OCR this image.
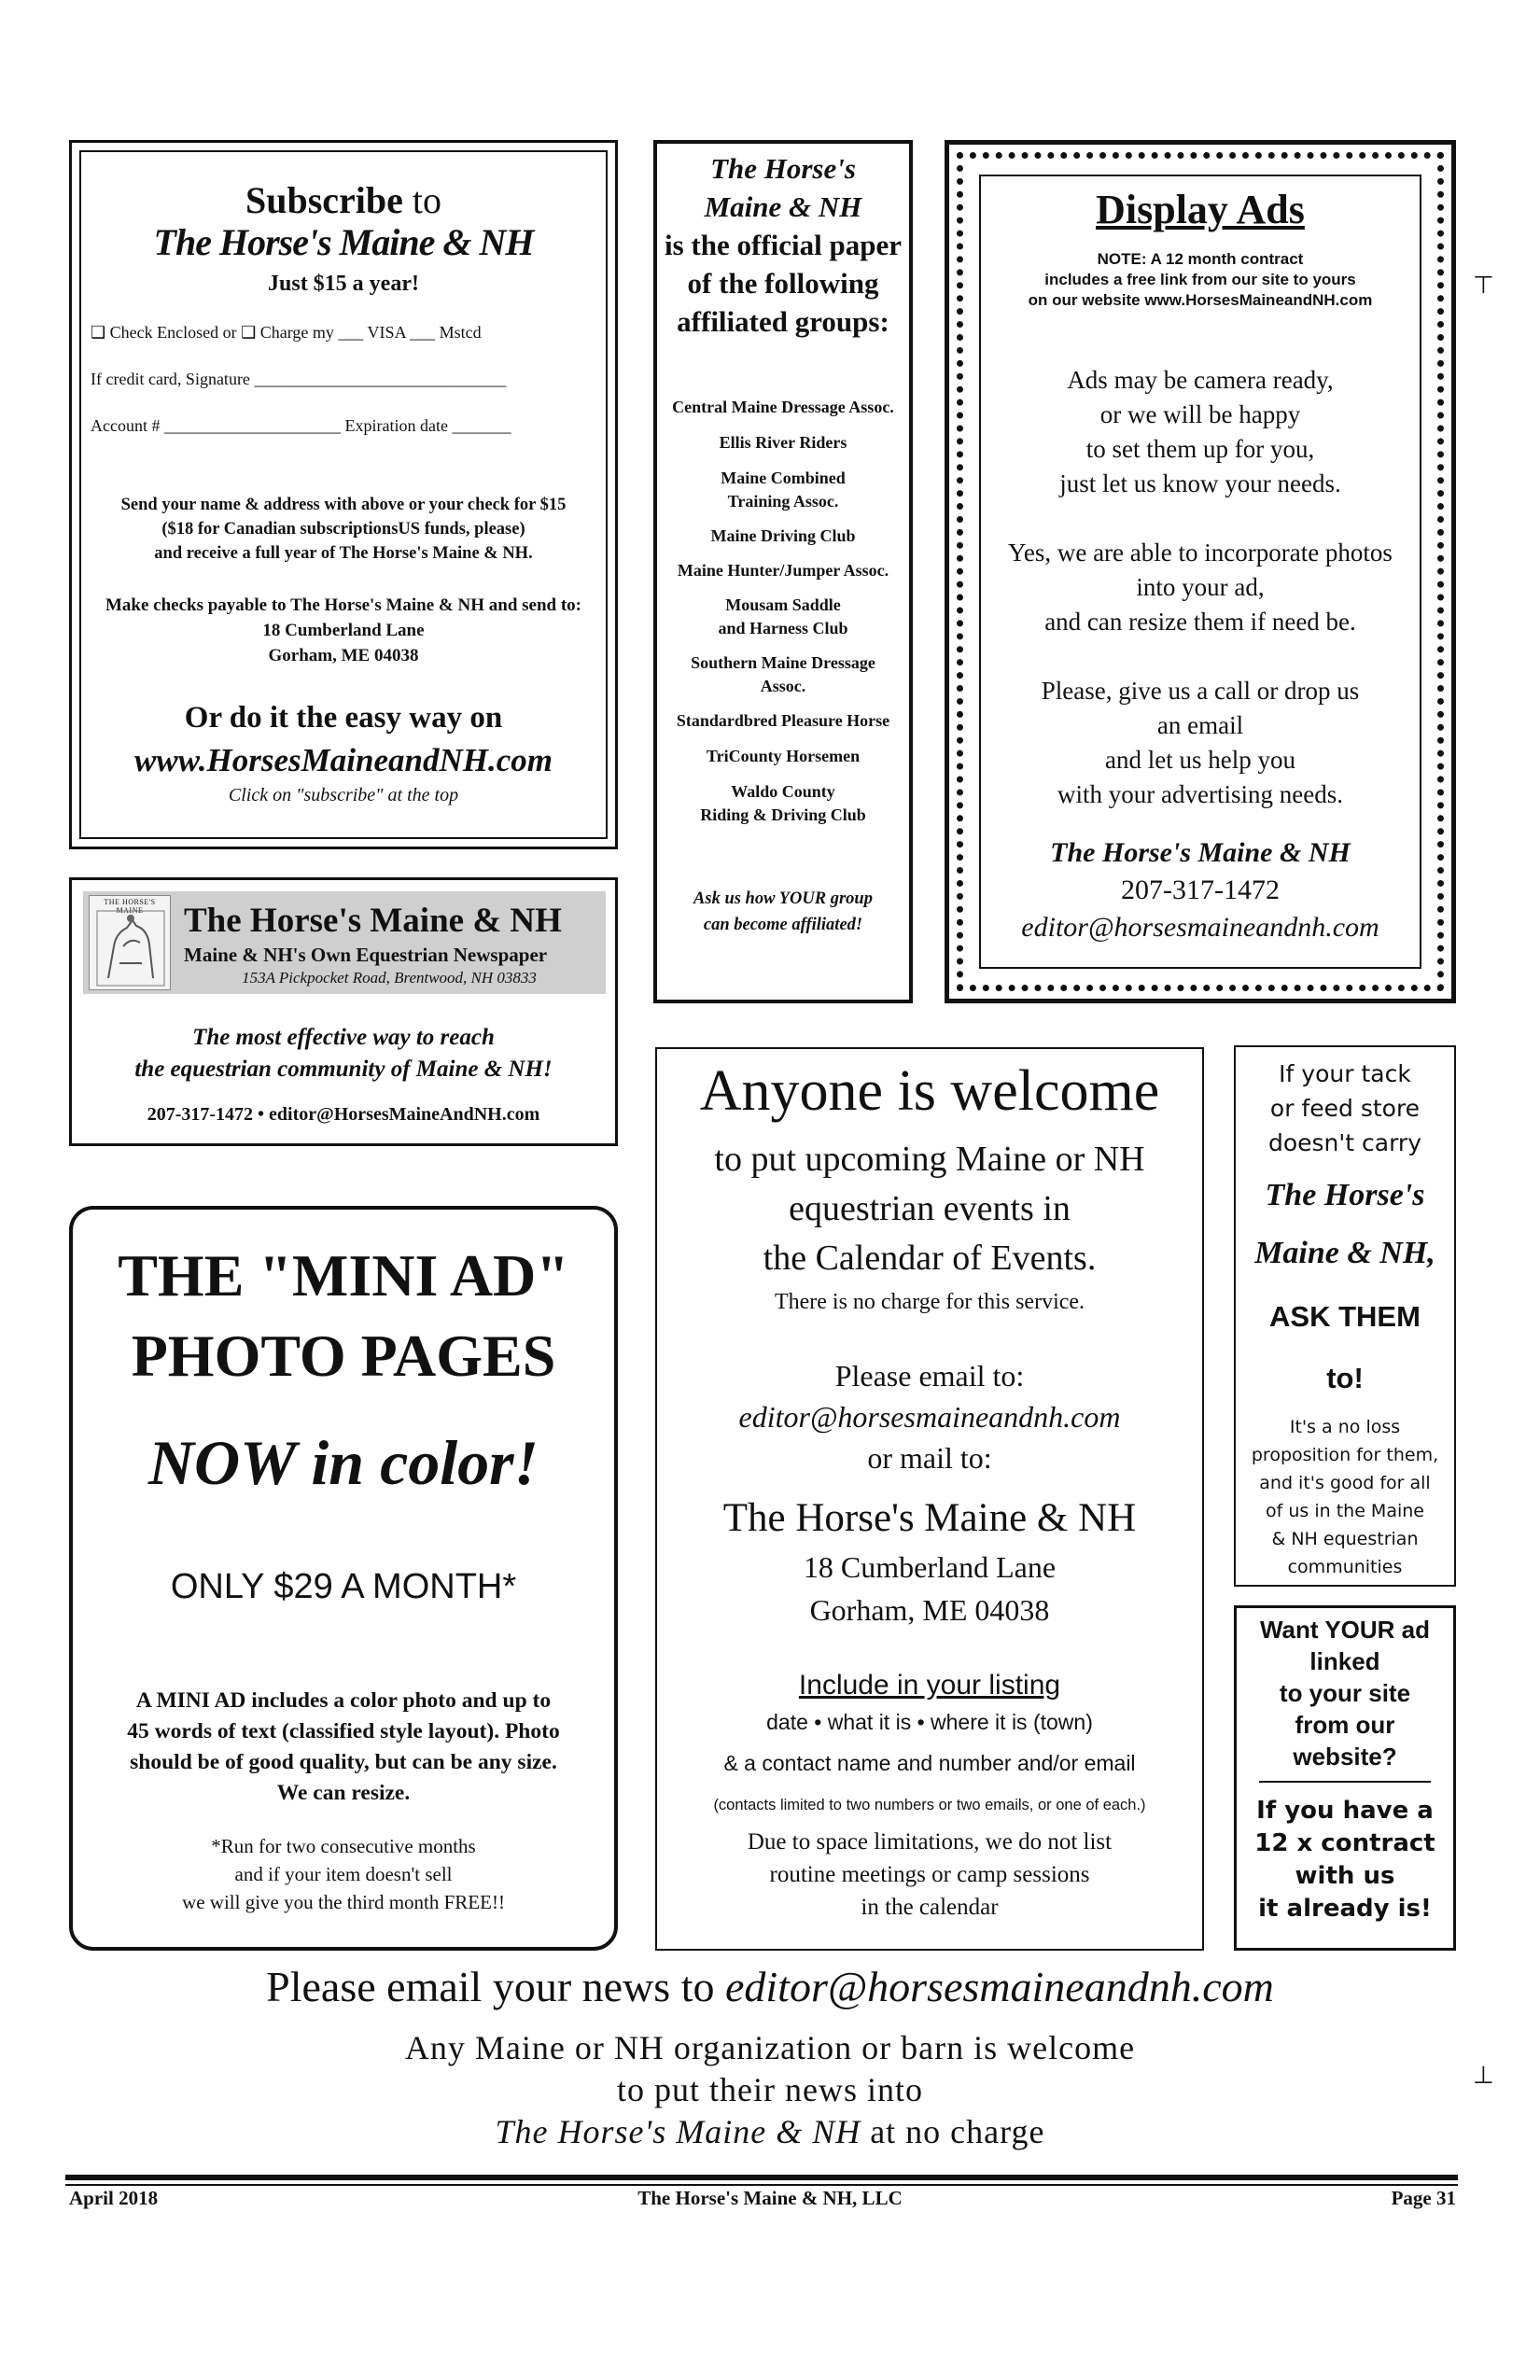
Subscribe to
The Horse's Maine & NH
Just $15 a year!
❑ Check Enclosed or ❑ Charge my ___ VISA ___ Mstcd
If credit card, Signature ______________________________
Account # _____________________ Expiration date _______
Send your name & address with above or your check for $15
($18 for Canadian subscriptionsUS funds, please)
and receive a full year of The Horse's Maine & NH.
Make checks payable to The Horse's Maine & NH and send to:
18 Cumberland Lane
Gorham, ME 04038
Or do it the easy way on
www.HorsesMaineandNH.com
Click on "subscribe" at the top
The Horse's
Maine & NH
is the official paper
of the following
affiliated groups:
Central Maine Dressage Assoc.
Ellis River Riders
Maine Combined
Training Assoc.
Maine Driving Club
Maine Hunter/Jumper Assoc.
Mousam Saddle
and Harness Club
Southern Maine Dressage
Assoc.
Standardbred Pleasure Horse
TriCounty Horsemen
Waldo County
Riding & Driving Club
Ask us how YOUR group
can become affiliated!
Display Ads
NOTE: A 12 month contract
includes a free link from our site to yours
on our website www.HorsesMaineandNH.com
Ads may be camera ready,
or we will be happy
to set them up for you,
just let us know your needs.
Yes, we are able to incorporate photos
into your ad,
and can resize them if need be.
Please, give us a call or drop us
an email
and let us help you
with your advertising needs.
The Horse's Maine & NH
207-317-1472
editor@horsesmaineandnh.com
⊤
⊥
THE HORSE'S MAINE	The Horse's Maine & NH
Maine & NH's Own Equestrian Newspaper
153A Pickpocket Road, Brentwood, NH 03833
The most effective way to reach
the equestrian community of Maine & NH!
207-317-1472 • editor@HorsesMaineAndNH.com
THE "MINI AD"
PHOTO PAGES
NOW in color!
ONLY $29 A MONTH*
A MINI AD includes a color photo and up to
45 words of text (classified style layout). Photo
should be of good quality, but can be any size.
We can resize.
*Run for two consecutive months
and if your item doesn't sell
we will give you the third month FREE!!
Anyone is welcome
to put upcoming Maine or NH
equestrian events in
the Calendar of Events.
There is no charge for this service.
Please email to:
editor@horsesmaineandnh.com
or mail to:
The Horse's Maine & NH
18 Cumberland Lane
Gorham, ME 04038
Include in your listing
date • what it is • where it is (town)
& a contact name and number and/or email
(contacts limited to two numbers or two emails, or one of each.)
Due to space limitations, we do not list
routine meetings or camp sessions
in the calendar
If your tack
or feed store
doesn't carry
The Horse's
Maine & NH,
ASK THEM
to!
It's a no loss
proposition for them,
and it's good for all
of us in the Maine
& NH equestrian
communities
Want YOUR ad
linked
to your site
from our
website?
If you have a
12 x contract
with us
it already is!
Please email your news to editor@horsesmaineandnh.com
Any Maine or NH organization or barn is welcome
to put their news into
The Horse's Maine & NH at no charge
April 2018	The Horse's Maine & NH, LLC	Page 31
